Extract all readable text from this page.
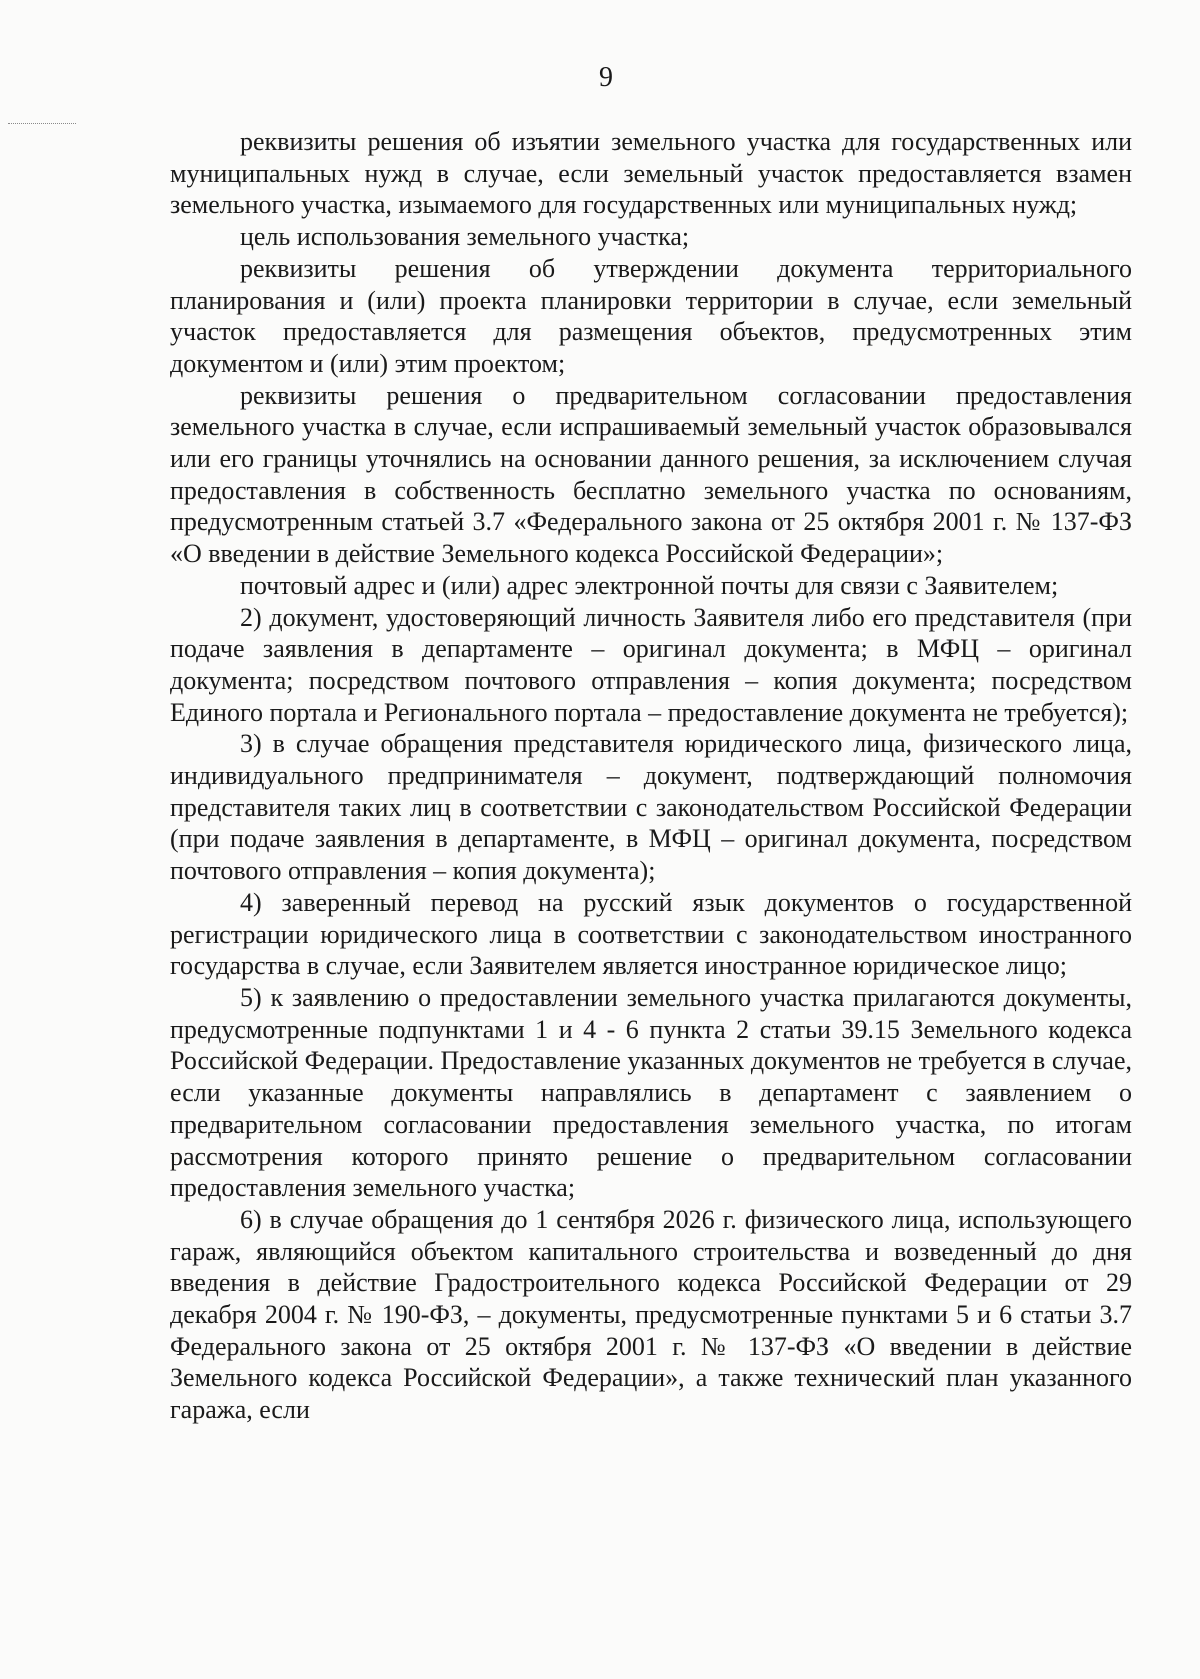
9

реквизиты решения об изъятии земельного участка для государственных или муниципальных нужд в случае, если земельный участок предоставляется взамен земельного участка, изымаемого для государственных или муниципальных нужд;

цель использования земельного участка;

реквизиты решения об утверждении документа территориального планирования и (или) проекта планировки территории в случае, если земельный участок предоставляется для размещения объектов, предусмотренных этим документом и (или) этим проектом;

реквизиты решения о предварительном согласовании предоставления земельного участка в случае, если испрашиваемый земельный участок образовывался или его границы уточнялись на основании данного решения, за исключением случая предоставления в собственность бесплатно земельного участка по основаниям, предусмотренным статьей 3.7 «Федерального закона от 25 октября 2001 г. № 137-ФЗ «О введении в действие Земельного кодекса Российской Федерации»;

почтовый адрес и (или) адрес электронной почты для связи с Заявителем;

2) документ, удостоверяющий личность Заявителя либо его представителя (при подаче заявления в департаменте – оригинал документа; в МФЦ – оригинал документа; посредством почтового отправления – копия документа; посредством Единого портала и Регионального портала – предоставление документа не требуется);

3) в случае обращения представителя юридического лица, физического лица, индивидуального предпринимателя – документ, подтверждающий полномочия представителя таких лиц в соответствии с законодательством Российской Федерации (при подаче заявления в департаменте, в МФЦ – оригинал документа, посредством почтового отправления – копия документа);

4) заверенный перевод на русский язык документов о государственной регистрации юридического лица в соответствии с законодательством иностранного государства в случае, если Заявителем является иностранное юридическое лицо;

5) к заявлению о предоставлении земельного участка прилагаются документы, предусмотренные подпунктами 1 и 4 - 6 пункта 2 статьи 39.15 Земельного кодекса Российской Федерации. Предоставление указанных документов не требуется в случае, если указанные документы направлялись в департамент с заявлением о предварительном согласовании предоставления земельного участка, по итогам рассмотрения которого принято решение о предварительном согласовании предоставления земельного участка;

6) в случае обращения до 1 сентября 2026 г. физического лица, использующего гараж, являющийся объектом капитального строительства и возведенный до дня введения в действие Градостроительного кодекса Российской Федерации от 29 декабря 2004 г. № 190-ФЗ, – документы, предусмотренные пунктами 5 и 6 статьи 3.7 Федерального закона от 25 октября 2001 г. № 137-ФЗ «О введении в действие Земельного кодекса Российской Федерации», а также технический план указанного гаража, если
